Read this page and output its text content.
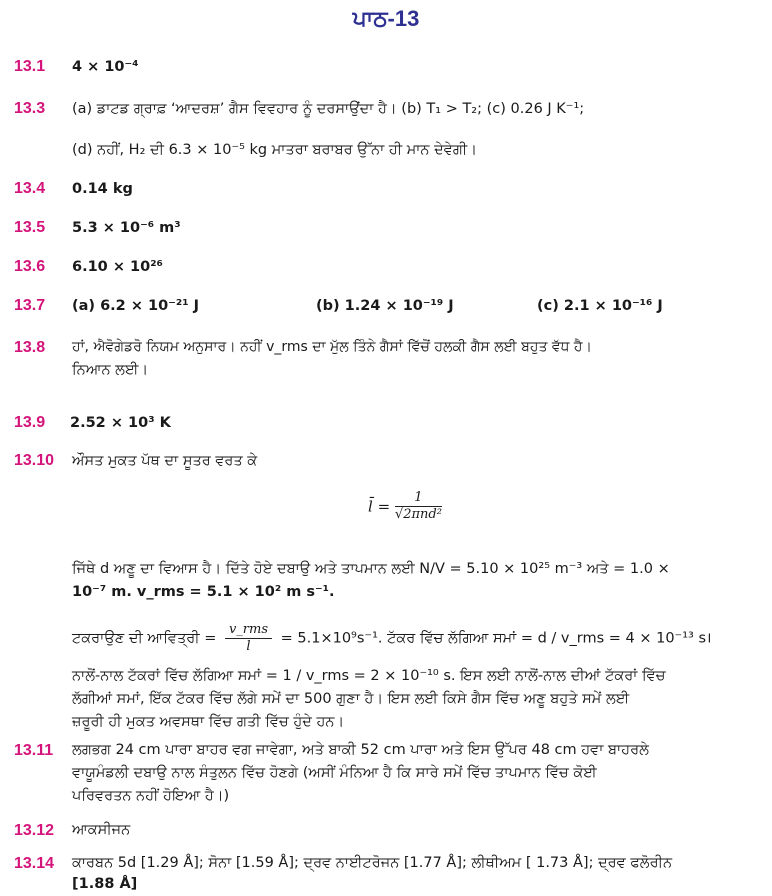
ਪਾਠ-13
13.1 4 × 10⁻⁴
13.3 (a) ਡਾਟਡ ਗ੍ਰਾਫ਼ ‘ਆਦਰਸ਼’ ਗੈਸ ਵਿਵਹਾਰ ਨੂੰ ਦਰਸਾਉਂਦਾ ਹੈ। (b) T₁ > T₂; (c) 0.26 J K⁻¹;
(d) ਨਹੀਂ, H₂ ਦੀ 6.3 × 10⁻⁵ kg ਮਾਤਰਾ ਬਰਾਬਰ ਉੱਨਾ ਹੀ ਮਾਨ ਦੇਵੇਗੀ।
13.4 0.14 kg
13.5 5.3 × 10⁻⁶ m³
13.6 6.10 × 10²⁶
13.7 (a) 6.2 × 10⁻²¹ J	(b) 1.24 × 10⁻¹⁹ J	(c) 2.1 × 10⁻¹⁶ J
13.8 ਹਾਂ, ਐਵੋਗੇਡਰੋ ਨਿਯਮ ਅਨੁਸਾਰ। ਨਹੀਂ v_rms ਦਾ ਮੁੱਲ ਤਿੰਨੇ ਗੈਸਾਂ ਵਿੱਚੋਂ ਹਲਕੀ ਗੈਸ ਲਈ ਬਹੁਤ ਵੱਧ ਹੈ।
ਨਿਆਨ ਲਈ।
13.9 2.52 × 10³ K
13.10 ਔਸਤ ਮੁਕਤ ਪੱਥ ਦਾ ਸੂਤਰ ਵਰਤ ਕੇ
l̄ = $\frac{1}{\text{√2πnd²}}$
ਜਿੱਥੇ d ਅਣੂ ਦਾ ਵਿਆਸ ਹੈ। ਦਿੱਤੇ ਹੋਏ ਦਬਾਉ ਅਤੇ ਤਾਪਮਾਨ ਲਈ N/V = 5.10 × 10²⁵ m⁻³ ਅਤੇ = 1.0 ×
10⁻⁷ m. v_rms = 5.1 × 10² m s⁻¹.
ਟਕਰਾਉਣ ਦੀ ਆਵਿਤ੍ਰੀ = $\frac{\text{v\_rms}}{l} = 5.1\times 10^9s^{-1}$. ਟੱਕਰ ਵਿੱਚ ਲੱਗਿਆ ਸਮਾਂ = d / v_rms = 4 × 10⁻¹³ s।
ਨਾਲੋਂ-ਨਾਲ ਟੱਕਰਾਂ ਵਿੱਚ ਲੱਗਿਆ ਸਮਾਂ = 1 / v_rms = 2 × 10⁻¹⁰ s. ਇਸ ਲਈ ਨਾਲੋਂ-ਨਾਲ ਦੀਆਂ ਟੱਕਰਾਂ ਵਿੱਚ
ਲੱਗੀਆਂ ਸਮਾਂ, ਇੱਕ ਟੱਕਰ ਵਿੱਚ ਲੱਗੇ ਸਮੇਂ ਦਾ 500 ਗੁਣਾ ਹੈ। ਇਸ ਲਈ ਕਿਸੇ ਗੈਸ ਵਿੱਚ ਅਣੂ ਬਹੁਤੇ ਸਮੇਂ ਲਈ
ਜ਼ਰੂਰੀ ਹੀ ਮੁਕਤ ਅਵਸਥਾ ਵਿੱਚ ਗਤੀ ਵਿੱਚ ਹੁੰਦੇ ਹਨ।
13.11 ਲਗਭਗ 24 cm ਪਾਰਾ ਬਾਹਰ ਵਗ ਜਾਵੇਗਾ, ਅਤੇ ਬਾਕੀ 52 cm ਪਾਰਾ ਅਤੇ ਇਸ ਉੱਪਰ 48 cm ਹਵਾ ਬਾਹਰਲੇ
ਵਾਯੂਮੰਡਲੀ ਦਬਾਉ ਨਾਲ ਸੰਤੁਲਨ ਵਿੱਚ ਹੋਣਗੇ (ਅਸੀਂ ਮੰਨਿਆ ਹੈ ਕਿ ਸਾਰੇ ਸਮੇਂ ਵਿੱਚ ਤਾਪਮਾਨ ਵਿੱਚ ਕੋਈ
ਪਰਿਵਰਤਨ ਨਹੀਂ ਹੋਇਆ ਹੈ।)
13.12 ਆਕਸੀਜਨ
13.14 ਕਾਰਬਨ 5d [1.29 Å]; ਸੋਨਾ [1.59 Å]; ਦ੍ਰਵ ਨਾਈਟਰੋਜਨ [1.77 Å]; ਲੀਥੀਅਮ [ 1.73 Å]; ਦ੍ਰਵ ਫਲੋਰੀਨ
[1.88 Å]
